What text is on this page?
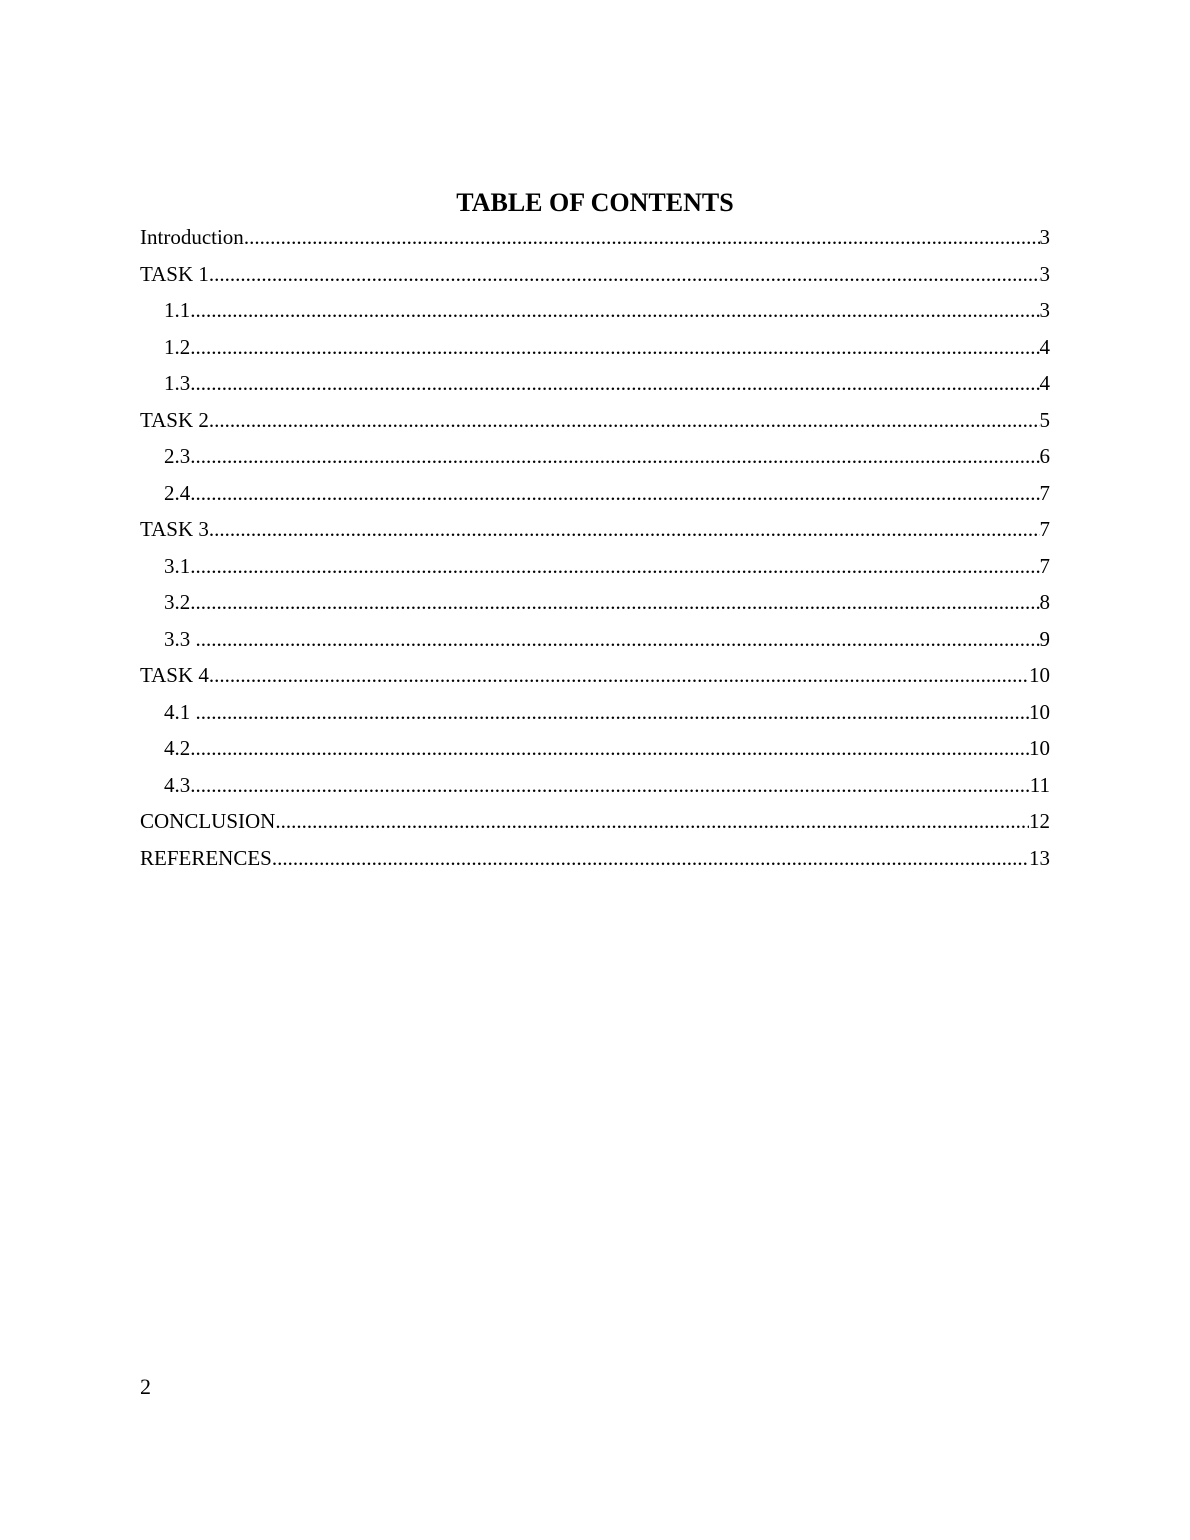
TABLE OF CONTENTS
Introduction .....	3
TASK 1 .....	3
1.1 .....	3
1.2 .....	4
1.3 .....	4
TASK 2 .....	5
2.3 .....	6
2.4 .....	7
TASK 3 .....	7
3.1 .....	7
3.2 .....	8
3.3 .....	9
TASK 4 .....	10
4.1 .....	10
4.2 .....	10
4.3 .....	11
CONCLUSION .....	12
REFERENCES .....	13
2
